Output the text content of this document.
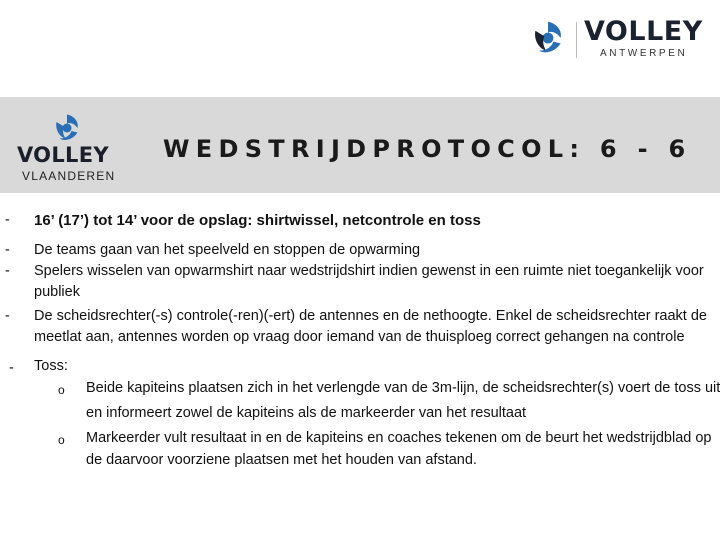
VOLLEY
ANTWERPEN
VOLLEY
VLAANDEREN
WEDSTRIJDPROTOCOL: 6 - 6
- 16’ (17’) tot 14’ voor de opslag: shirtwissel, netcontrole en toss
- De teams gaan van het speelveld en stoppen de opwarming
- Spelers wisselen van opwarmshirt naar wedstrijdshirt indien gewenst in een ruimte niet toegankelijk voor
publiek
- De scheidsrechter(-s) controle(-ren)(-ert) de antennes en de nethoogte. Enkel de scheidsrechter raakt de
meetlat aan, antennes worden op vraag door iemand van de thuisploeg correct gehangen na controle
- Toss:
o Beide kapiteins plaatsen zich in het verlengde van de 3m-lijn, de scheidsrechter(s) voert de toss uit
en informeert zowel de kapiteins als de markeerder van het resultaat
o Markeerder vult resultaat in en de kapiteins en coaches tekenen om de beurt het wedstrijdblad op
de daarvoor voorziene plaatsen met het houden van afstand.
